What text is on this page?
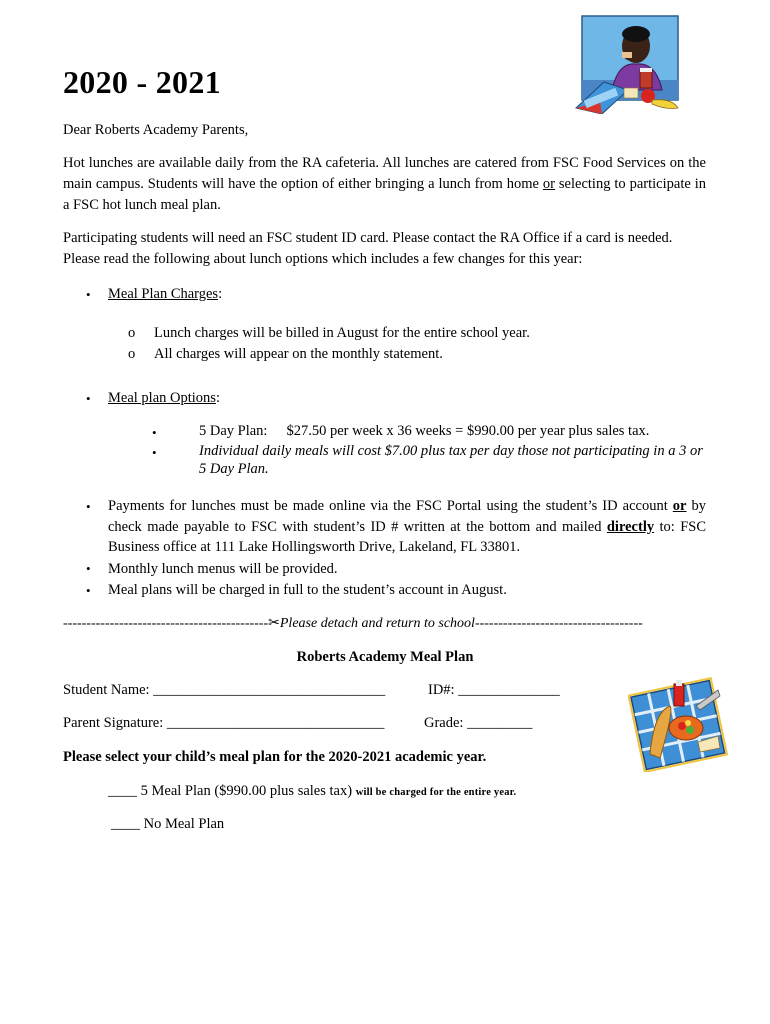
2020 - 2021

Dear Roberts Academy Parents,

Hot lunches are available daily from the RA cafeteria. All lunches are catered from FSC Food Services on the main campus. Students will have the option of either bringing a lunch from home or selecting to participate in a FSC hot lunch meal plan.

Participating students will need an FSC student ID card. Please contact the RA Office if a card is needed. Please read the following about lunch options which includes a few changes for this year:

• Meal Plan Charges:
o Lunch charges will be billed in August for the entire school year.
o All charges will appear on the monthly statement.
• Meal plan Options:
•	5 Day Plan: $27.50 per week x 36 weeks = $990.00 per year plus sales tax.
•	Individual daily meals will cost $7.00 plus tax per day those not participating in a 3 or 5 Day Plan.
• Payments for lunches must be made online via the FSC Portal using the student’s ID account or by check made payable to FSC with student’s ID # written at the bottom and mailed directly to: FSC Business office at 111 Lake Hollingsworth Drive, Lakeland, FL 33801.

• Monthly lunch menus will be provided.
• Meal plans will be charged in full to the student’s account in August.
--------------------------------------------✂Please detach and return to school------------------------------------
Roberts Academy Meal Plan
Student Name: ________________________________	ID#: ______________
Parent Signature: ______________________________	Grade: _________
Please select your child’s meal plan for the 2020-2021 academic year.
____ 5 Meal Plan ($990.00 plus sales tax) will be charged for the entire year.
____ No Meal Plan
